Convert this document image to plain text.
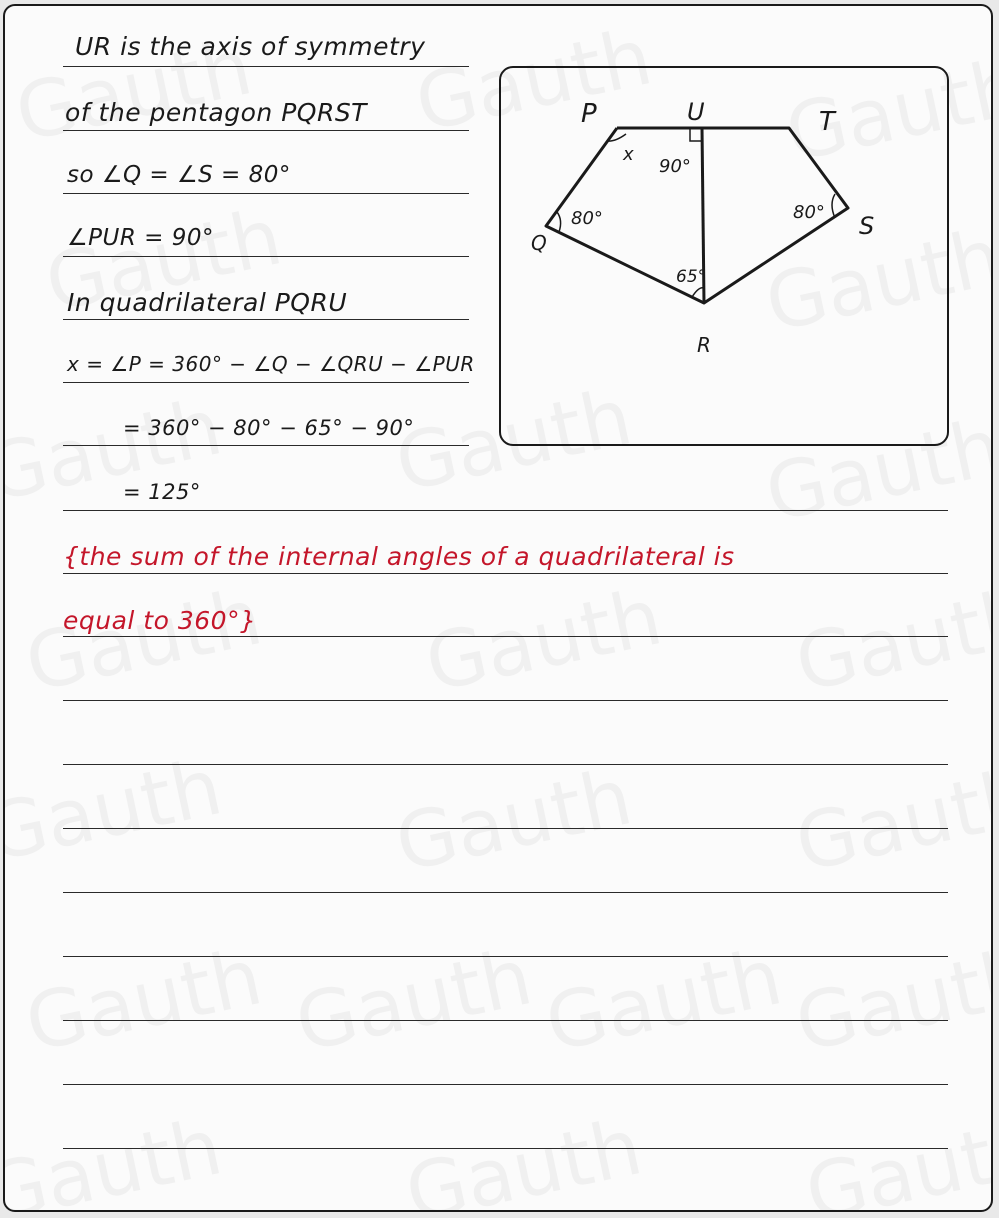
UR is the axis of symmetry
of the pentagon PQRST
so ∠Q = ∠S = 80°
∠PUR = 90°
In quadrilateral PQRU
x = ∠P = 360° − ∠Q − ∠QRU − ∠PUR
= 360° − 80° − 65° − 90°
= 125°
{the sum of the internal angles of a quadrilateral is
equal to 360°}
P	U	T
Q
S
R
x
90°
80°	80°
65°
